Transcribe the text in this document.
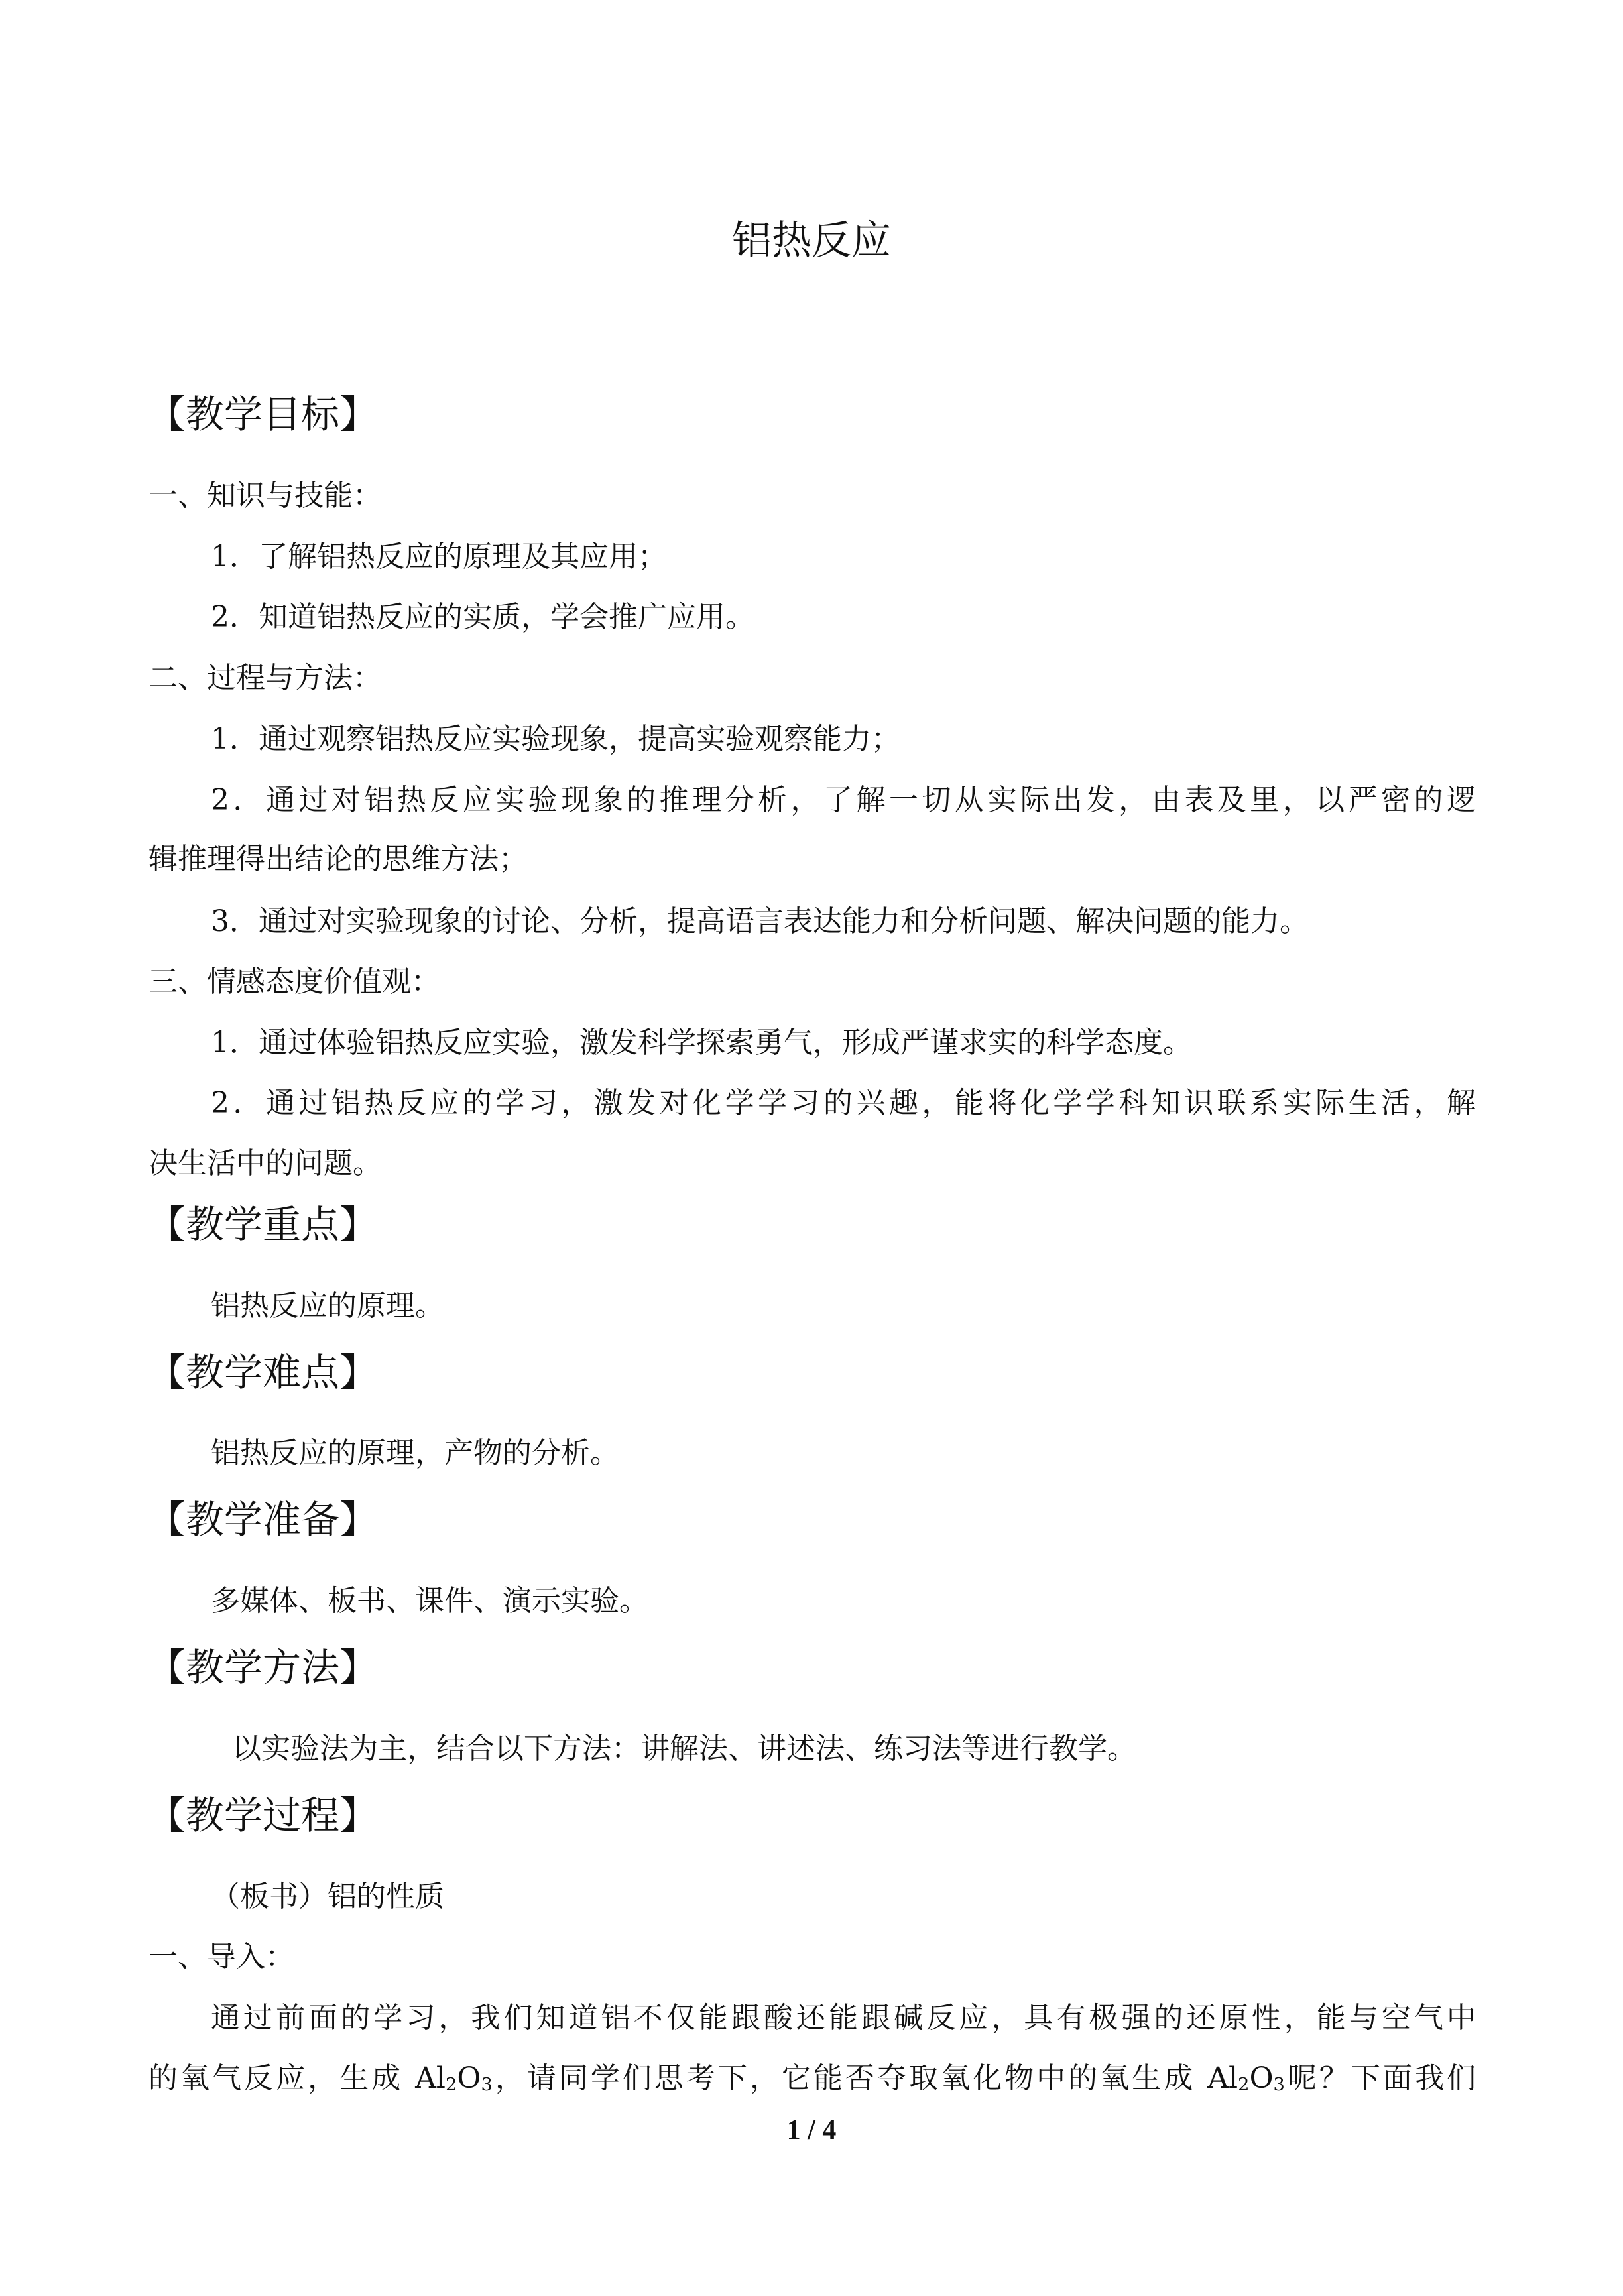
铝热反应
【教学目标】
一、知识与技能：
1．了解铝热反应的原理及其应用；
2．知道铝热反应的实质，学会推广应用。
二、过程与方法：
1．通过观察铝热反应实验现象，提高实验观察能力；
2．通过对铝热反应实验现象的推理分析，了解一切从实际出发，由表及里，以严密的逻
辑推理得出结论的思维方法；
3．通过对实验现象的讨论、分析，提高语言表达能力和分析问题、解决问题的能力。
三、情感态度价值观：
1．通过体验铝热反应实验，激发科学探索勇气，形成严谨求实的科学态度。
2．通过铝热反应的学习，激发对化学学习的兴趣，能将化学学科知识联系实际生活，解
决生活中的问题。
【教学重点】
铝热反应的原理。
【教学难点】
铝热反应的原理，产物的分析。
【教学准备】
多媒体、板书、课件、演示实验。
【教学方法】
以实验法为主，结合以下方法：讲解法、讲述法、练习法等进行教学。
【教学过程】
（板书）铝的性质
一、导入：
通过前面的学习，我们知道铝不仅能跟酸还能跟碱反应，具有极强的还原性，能与空气中
的氧气反应，生成 $Al_2O_3$，请同学们思考下，它能否夺取氧化物中的氧生成 $Al_2O_3$呢？下面我们
1 / 4
